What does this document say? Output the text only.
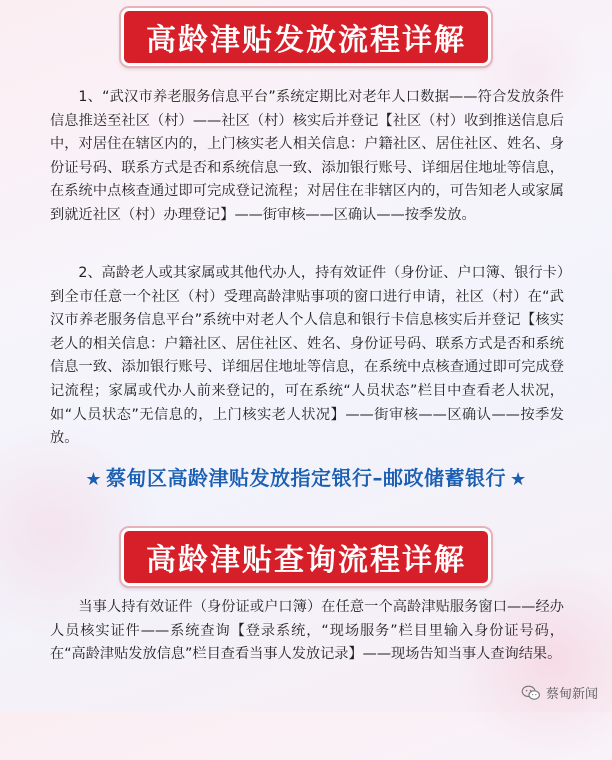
高龄津贴发放流程详解

1、“武汉市养老服务信息平台”系统定期比对老年人口数据——符合发放条件信息推送至社区（村）——社区（村）核实后并登记【社区（村）收到推送信息后中，对居住在辖区内的，上门核实老人相关信息：户籍社区、居住社区、姓名、身份证号码、联系方式是否和系统信息一致、添加银行账号、详细居住地址等信息，在系统中点核查通过即可完成登记流程；对居住在非辖区内的，可告知老人或家属到就近社区（村）办理登记】——街审核——区确认——按季发放。

2、高龄老人或其家属或其他代办人，持有效证件（身份证、户口簿、银行卡）到全市任意一个社区（村）受理高龄津贴事项的窗口进行申请，社区（村）在“武汉市养老服务信息平台”系统中对老人个人信息和银行卡信息核实后并登记【核实老人的相关信息：户籍社区、居住社区、姓名、身份证号码、联系方式是否和系统信息一致、添加银行账号、详细居住地址等信息，在系统中点核查通过即可完成登记流程；家属或代办人前来登记的，可在系统“人员状态”栏目中查看老人状况，如“人员状态”无信息的，上门核实老人状况】——街审核——区确认——按季发放。

★ 蔡甸区高龄津贴发放指定银行–邮政储蓄银行 ★
高龄津贴查询流程详解

当事人持有效证件（身份证或户口簿）在任意一个高龄津贴服务窗口——经办人员核实证件——系统查询【登录系统，“现场服务”栏目里输入身份证号码，在“高龄津贴发放信息”栏目查看当事人发放记录】——现场告知当事人查询结果。

蔡甸新闻
